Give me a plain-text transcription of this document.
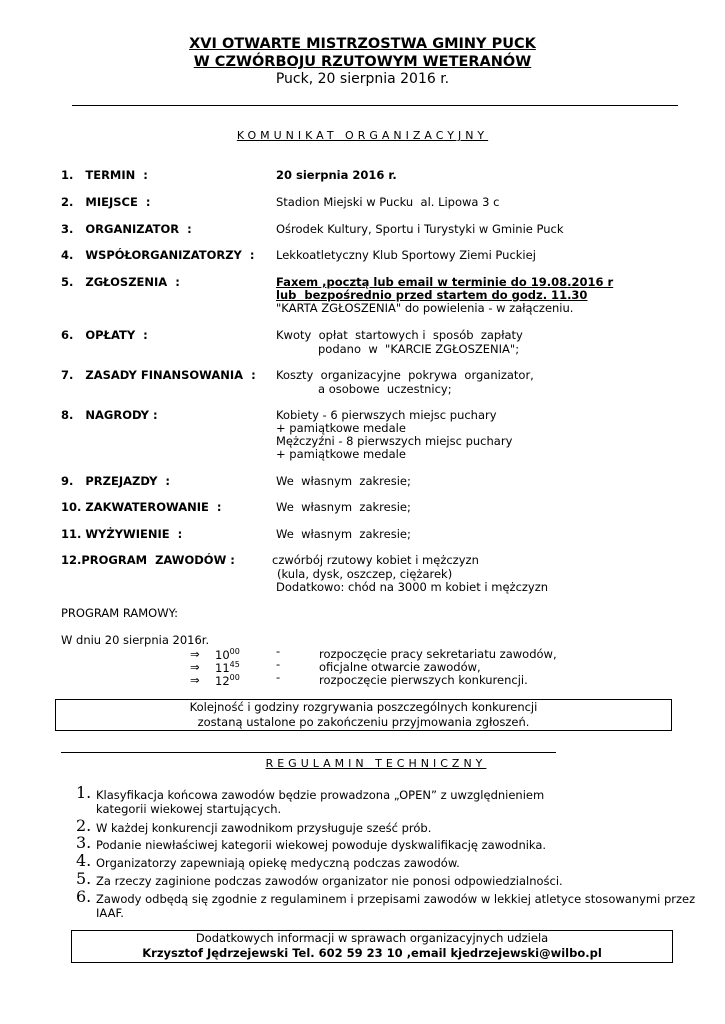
XVI OTWARTE MISTRZOSTWA GMINY PUCK
W CZWÓRBOJU RZUTOWYM WETERANÓW
Puck, 20 sierpnia 2016 r.
KOMUNIKAT ORGANIZACYJNY
1.   TERMIN  :	20 sierpnia 2016 r.
2.   MIEJSCE  :	Stadion Miejski w Pucku  al. Lipowa 3 c
3.   ORGANIZATOR  :	Ośrodek Kultury, Sportu i Turystyki w Gminie Puck
4.   WSPÓŁORGANIZATORZY  : Lekkoatletyczny Klub Sportowy Ziemi Puckiej
5.   ZGŁOSZENIA  :	Faxem ,pocztą lub email w terminie do 19.08.2016 r
lub  bezpośrednio przed startem do godz. 11.30
"KARTA ZGŁOSZENIA" do powielenia - w załączeniu.
6.   OPŁATY  :	Kwoty  opłat  startowych i  sposób  zapłaty
podano  w  "KARCIE ZGŁOSZENIA";
7.   ZASADY FINANSOWANIA  : Koszty  organizacyjne  pokrywa  organizator,
a osobowe  uczestnicy;
8.   NAGRODY :	Kobiety - 6 pierwszych miejsc puchary
+ pamiątkowe medale
Mężczyźni - 8 pierwszych miejsc puchary
+ pamiątkowe medale
9.   PRZEJAZDY  :	We  własnym  zakresie;
10. ZAKWATEROWANIE  :	We  własnym  zakresie;
11. WYŻYWIENIE  :	We  własnym  zakresie;
12.PROGRAM  ZAWODÓW :	czwórbój rzutowy kobiet i mężczyzn
(kula, dysk, oszczep, ciężarek)
Dodatkowo: chód na 3000 m kobiet i mężczyzn
PROGRAM RAMOWY:
W dniu 20 sierpnia 2016r.
⇒ $10^{00}$	-	rozpoczęcie pracy sekretariatu zawodów,
⇒ $11^{45}$	-	oficjalne otwarcie zawodów,
⇒ $12^{00}$	-	rozpoczęcie pierwszych konkurencji.
Kolejność i godziny rozgrywania poszczególnych konkurencji
zostaną ustalone po zakończeniu przyjmowania zgłoszeń.
REGULAMIN TECHNICZNY
1. Klasyfikacja końcowa zawodów będzie prowadzona „OPEN” z uwzględnieniem
kategorii wiekowej startujących.
2. W każdej konkurencji zawodnikom przysługuje sześć prób.
3. Podanie niewłaściwej kategorii wiekowej powoduje dyskwalifikację zawodnika.
4. Organizatorzy zapewniają opiekę medyczną podczas zawodów.
5. Za rzeczy zaginione podczas zawodów organizator nie ponosi odpowiedzialności.
6. Zawody odbędą się zgodnie z regulaminem i przepisami zawodów w lekkiej atletyce stosowanymi przez
IAAF.
Dodatkowych informacji w sprawach organizacyjnych udziela
Krzysztof Jędrzejewski Tel. 602 59 23 10 ,email kjedrzejewski@wilbo.pl
